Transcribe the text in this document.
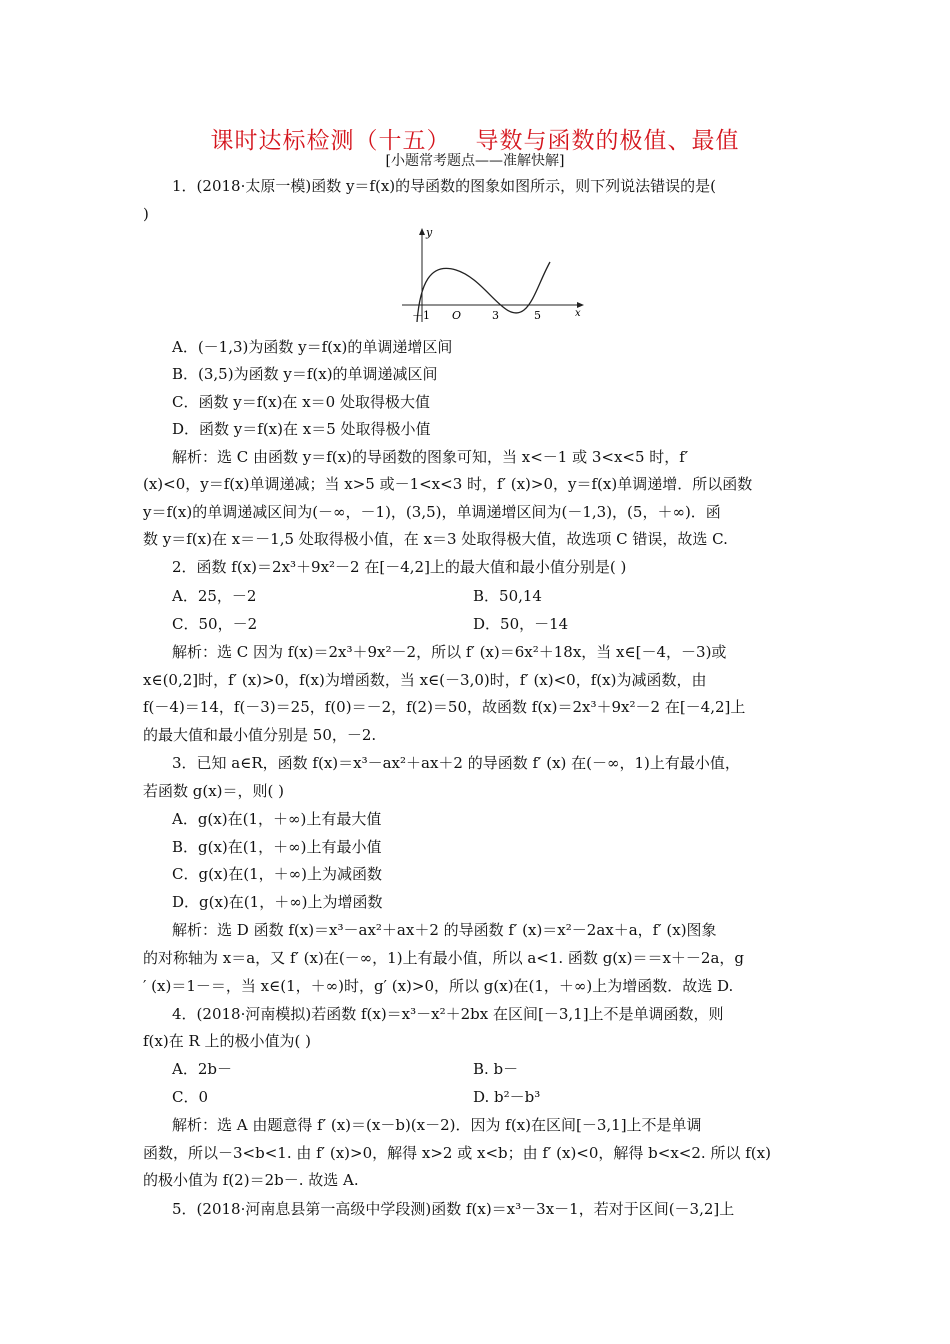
课时达标检测（十五）   导数与函数的极值、最值
[小题常考题点——准解快解]
1．(2018·太原一模)函数 y＝f(x)的导函数的图象如图所示，则下列说法错误的是(
)
y
x
O
－1	3	5
A．(－1,3)为函数 y＝f(x)的单调递增区间
B．(3,5)为函数 y＝f(x)的单调递减区间
C．函数 y＝f(x)在 x＝0 处取得极大值
D．函数 y＝f(x)在 x＝5 处取得极小值
解析：选 C 由函数 y＝f(x)的导函数的图象可知，当 x<－1 或 3<x<5 时，f′
(x)<0，y＝f(x)单调递减；当 x>5 或－1<x<3 时，f′ (x)>0，y＝f(x)单调递增．所以函数
y＝f(x)的单调递减区间为(－∞，－1)，(3,5)，单调递增区间为(－1,3)，(5，＋∞)．函
数 y＝f(x)在 x＝－1,5 处取得极小值，在 x＝3 处取得极大值，故选项 C 错误，故选 C.
2．函数 f(x)＝2x³＋9x²－2 在[－4,2]上的最大值和最小值分别是( )
A．25，－2	B．50,14
C．50，－2	D．50，－14
解析：选 C 因为 f(x)＝2x³＋9x²－2，所以 f′ (x)＝6x²＋18x，当 x∈[－4，－3)或
x∈(0,2]时，f′ (x)>0，f(x)为增函数，当 x∈(－3,0)时，f′ (x)<0，f(x)为减函数，由
f(－4)＝14，f(－3)＝25，f(0)＝－2，f(2)＝50，故函数 f(x)＝2x³＋9x²－2 在[－4,2]上
的最大值和最小值分别是 50，－2.
3．已知 a∈R，函数 f(x)＝x³－ax²＋ax＋2 的导函数 f′ (x) 在(－∞，1)上有最小值，
若函数 g(x)＝，则( )
A．g(x)在(1，＋∞)上有最大值
B．g(x)在(1，＋∞)上有最小值
C．g(x)在(1，＋∞)上为减函数
D．g(x)在(1，＋∞)上为增函数
解析：选 D 函数 f(x)＝x³－ax²＋ax＋2 的导函数 f′ (x)＝x²－2ax＋a，f′ (x)图象
的对称轴为 x＝a，又 f′ (x)在(－∞，1)上有最小值，所以 a<1. 函数 g(x)＝＝x＋－2a，g
′ (x)＝1－＝，当 x∈(1，＋∞)时，g′ (x)>0，所以 g(x)在(1，＋∞)上为增函数．故选 D.
4．(2018·河南模拟)若函数 f(x)＝x³－x²＋2bx 在区间[－3,1]上不是单调函数，则
f(x)在 R 上的极小值为( )
A．2b－	B. b－
C．0	D. b²－b³
解析：选 A 由题意得 f′ (x)＝(x－b)(x－2)．因为 f(x)在区间[－3,1]上不是单调
函数，所以－3<b<1. 由 f′ (x)>0，解得 x>2 或 x<b；由 f′ (x)<0，解得 b<x<2. 所以 f(x)
的极小值为 f(2)＝2b－. 故选 A.
5．(2018·河南息县第一高级中学段测)函数 f(x)＝x³－3x－1，若对于区间(－3,2]上
